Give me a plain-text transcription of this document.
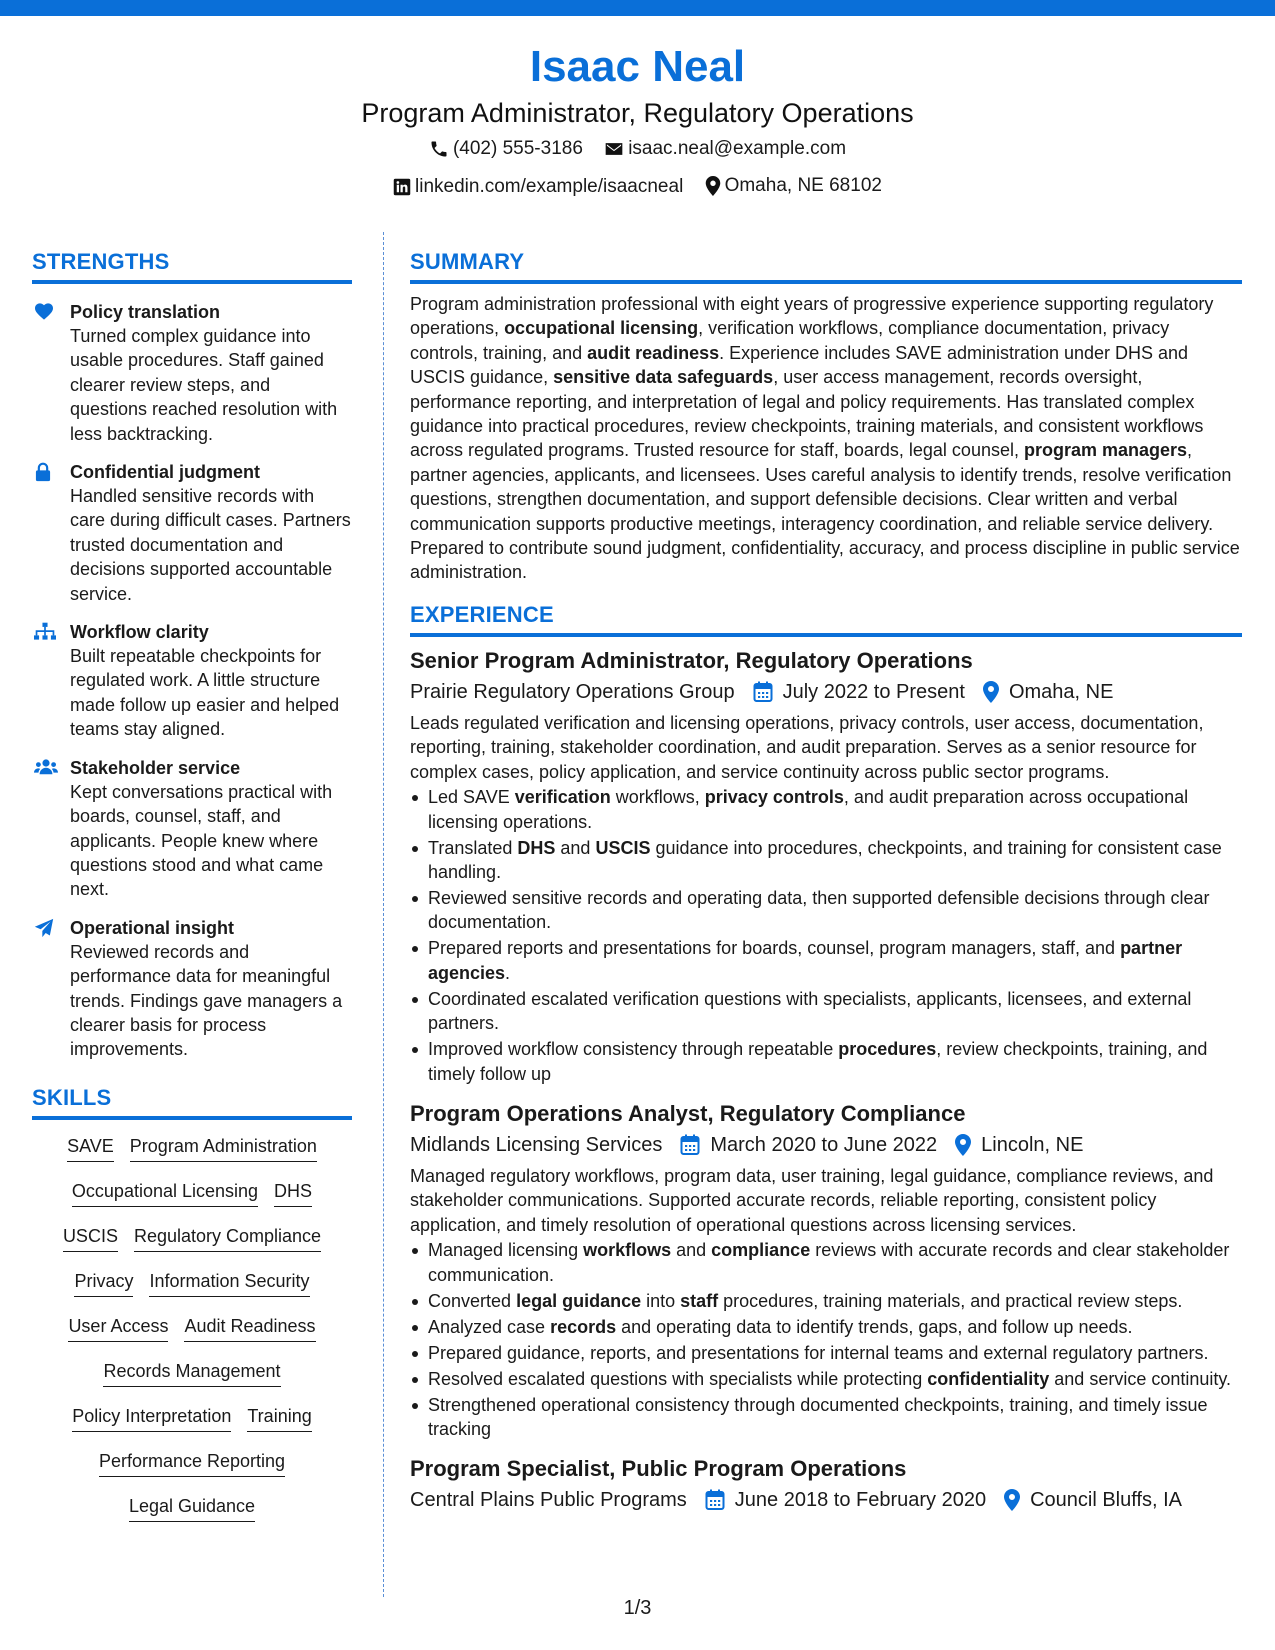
Isaac Neal
Program Administrator, Regulatory Operations
(402) 555-3186
isaac.neal@example.com
linkedin.com/example/isaacneal
Omaha, NE 68102
STRENGTHS
Policy translation
Turned complex guidance into usable procedures. Staff gained clearer review steps, and questions reached resolution with less backtracking.
Confidential judgment
Handled sensitive records with care during difficult cases. Partners trusted documentation and decisions supported accountable service.
Workflow clarity
Built repeatable checkpoints for regulated work. A little structure made follow up easier and helped teams stay aligned.
Stakeholder service
Kept conversations practical with boards, counsel, staff, and applicants. People knew where questions stood and what came next.
Operational insight
Reviewed records and performance data for meaningful trends. Findings gave managers a clearer basis for process improvements.
SKILLS
SAVE Program Administration
Occupational Licensing DHS
USCIS Regulatory Compliance
Privacy Information Security
User Access Audit Readiness
Records Management
Policy Interpretation Training
Performance Reporting
Legal Guidance
SUMMARY
Program administration professional with eight years of progressive experience supporting regulatory operations, occupational licensing, verification workflows, compliance documentation, privacy controls, training, and audit readiness. Experience includes SAVE administration under DHS and USCIS guidance, sensitive data safeguards, user access management, records oversight, performance reporting, and interpretation of legal and policy requirements. Has translated complex guidance into practical procedures, review checkpoints, training materials, and consistent workflows across regulated programs. Trusted resource for staff, boards, legal counsel, program managers, partner agencies, applicants, and licensees. Uses careful analysis to identify trends, resolve verification questions, strengthen documentation, and support defensible decisions. Clear written and verbal communication supports productive meetings, interagency coordination, and reliable service delivery. Prepared to contribute sound judgment, confidentiality, accuracy, and process discipline in public service administration.
EXPERIENCE
Senior Program Administrator, Regulatory Operations
Prairie Regulatory Operations Group July 2022 to Present Omaha, NE
Leads regulated verification and licensing operations, privacy controls, user access, documentation, reporting, training, stakeholder coordination, and audit preparation. Serves as a senior resource for complex cases, policy application, and service continuity across public sector programs.
Led SAVE verification workflows, privacy controls, and audit preparation across occupational licensing operations.
Translated DHS and USCIS guidance into procedures, checkpoints, and training for consistent case handling.
Reviewed sensitive records and operating data, then supported defensible decisions through clear documentation.
Prepared reports and presentations for boards, counsel, program managers, staff, and partner agencies.
Coordinated escalated verification questions with specialists, applicants, licensees, and external partners.
Improved workflow consistency through repeatable procedures, review checkpoints, training, and timely follow up
Program Operations Analyst, Regulatory Compliance
Midlands Licensing Services March 2020 to June 2022 Lincoln, NE
Managed regulatory workflows, program data, user training, legal guidance, compliance reviews, and stakeholder communications. Supported accurate records, reliable reporting, consistent policy application, and timely resolution of operational questions across licensing services.
Managed licensing workflows and compliance reviews with accurate records and clear stakeholder communication.
Converted legal guidance into staff procedures, training materials, and practical review steps.
Analyzed case records and operating data to identify trends, gaps, and follow up needs.
Prepared guidance, reports, and presentations for internal teams and external regulatory partners.
Resolved escalated questions with specialists while protecting confidentiality and service continuity.
Strengthened operational consistency through documented checkpoints, training, and timely issue tracking
Program Specialist, Public Program Operations
Central Plains Public Programs June 2018 to February 2020 Council Bluffs, IA
1/3
